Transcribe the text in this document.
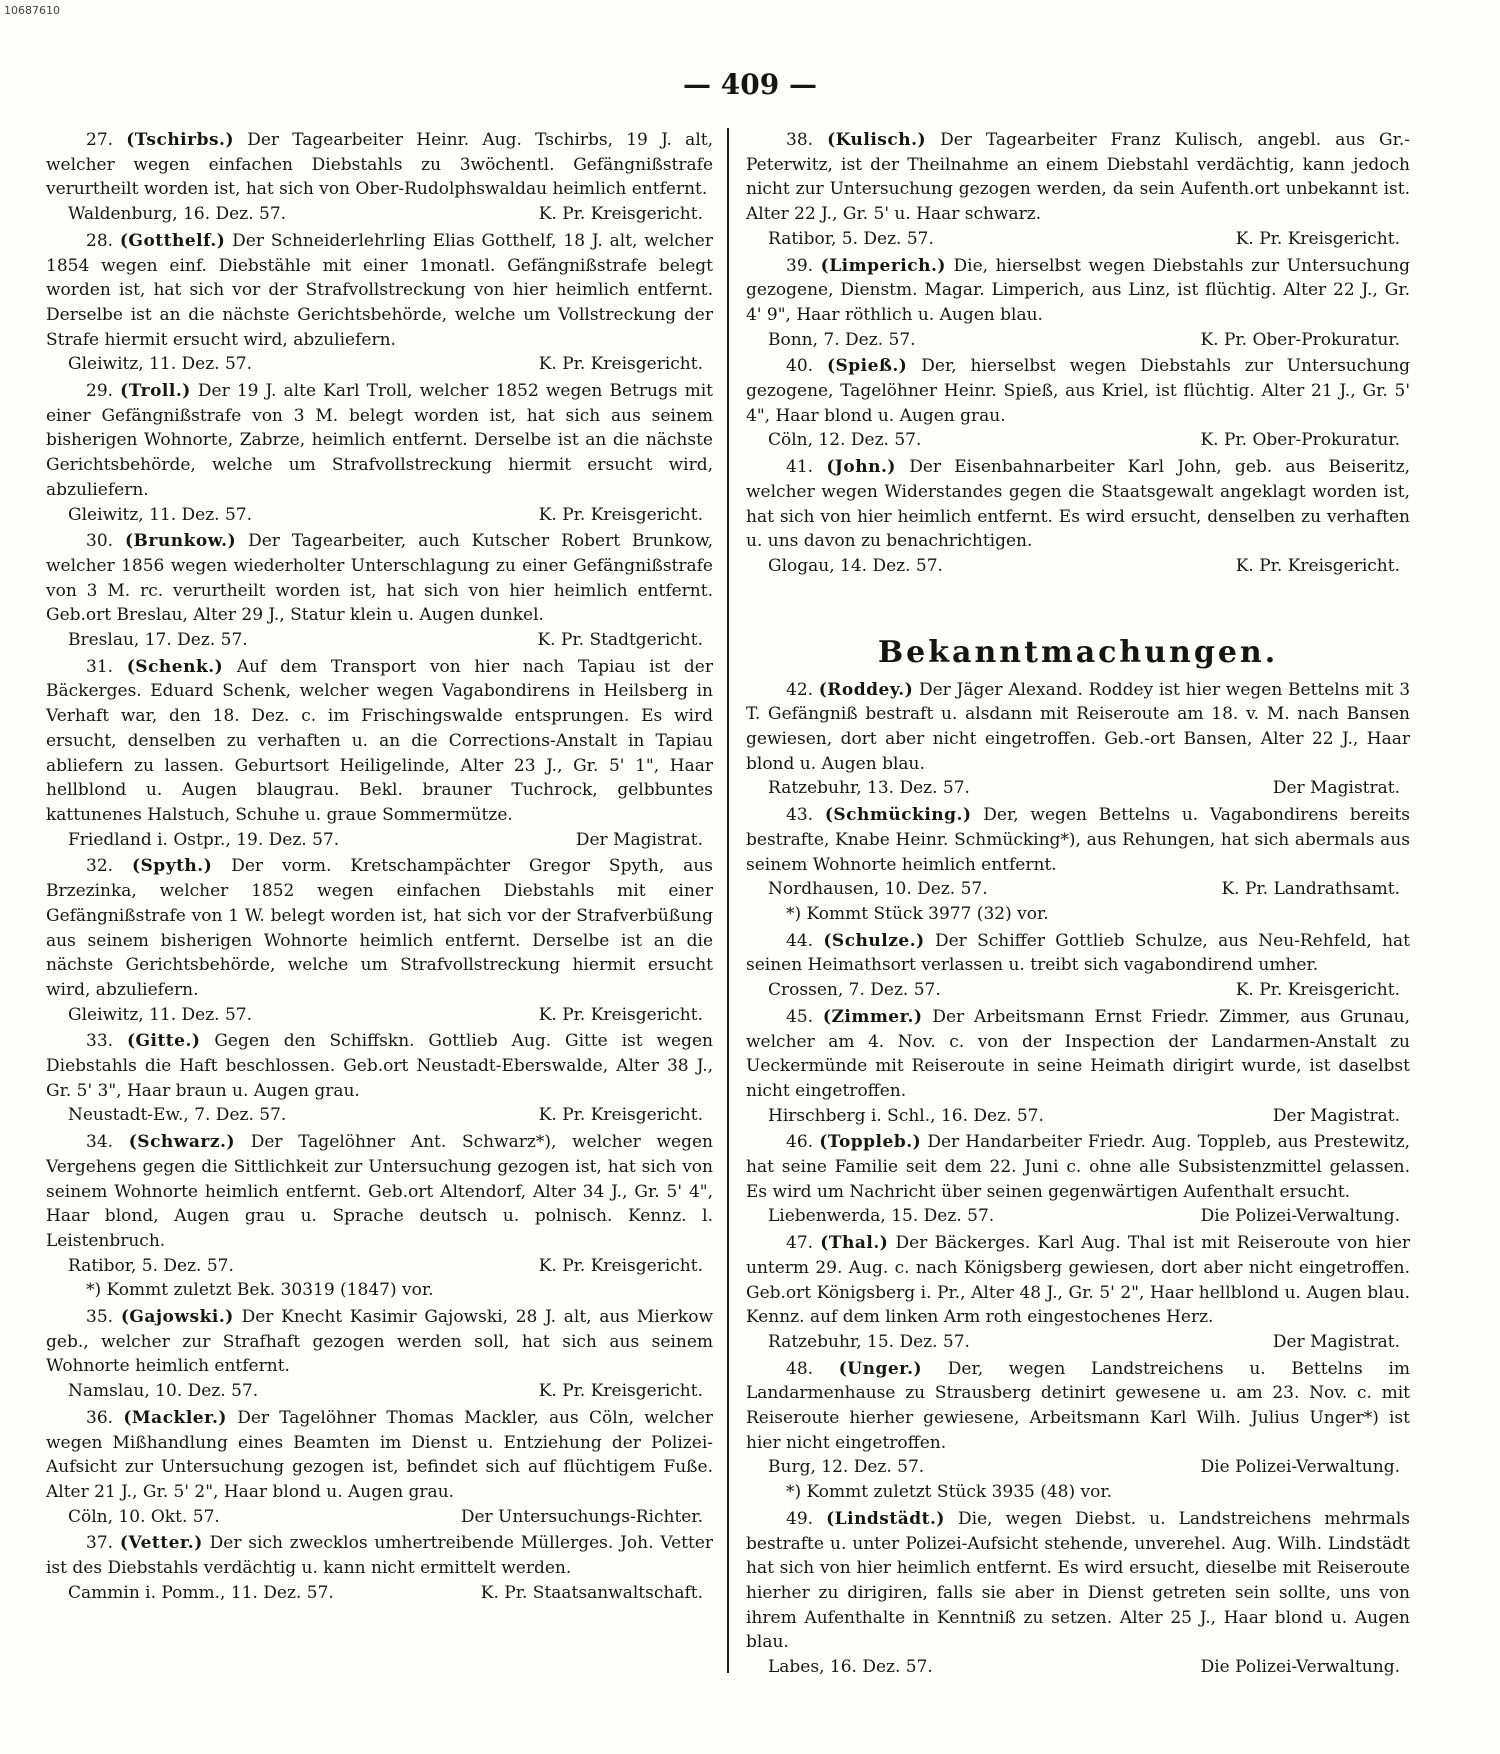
10687610
— 409 —

27. (Tschirbs.) Der Tagearbeiter Heinr. Aug. Tschirbs, 19 J. alt, welcher wegen einfachen Diebstahls zu 3wöchentl. Gefängnißstrafe verurtheilt worden ist, hat sich von Ober-Rudolphswaldau heimlich entfernt.

Waldenburg, 16. Dez. 57.	K. Pr. Kreisgericht.

28. (Gotthelf.) Der Schneiderlehrling Elias Gotthelf, 18 J. alt, welcher 1854 wegen einf. Diebstähle mit einer 1monatl. Gefängnißstrafe belegt worden ist, hat sich vor der Strafvollstreckung von hier heimlich entfernt. Derselbe ist an die nächste Gerichtsbehörde, welche um Vollstreckung der Strafe hiermit ersucht wird, abzuliefern.

Gleiwitz, 11. Dez. 57.	K. Pr. Kreisgericht.

29. (Troll.) Der 19 J. alte Karl Troll, welcher 1852 wegen Betrugs mit einer Gefängnißstrafe von 3 M. belegt worden ist, hat sich aus seinem bisherigen Wohnorte, Zabrze, heimlich entfernt. Derselbe ist an die nächste Gerichtsbehörde, welche um Strafvollstreckung hiermit ersucht wird, abzuliefern.

Gleiwitz, 11. Dez. 57.	K. Pr. Kreisgericht.

30. (Brunkow.) Der Tagearbeiter, auch Kutscher Robert Brunkow, welcher 1856 wegen wiederholter Unterschlagung zu einer Gefängnißstrafe von 3 M. rc. verurtheilt worden ist, hat sich von hier heimlich entfernt. Geb.ort Breslau, Alter 29 J., Statur klein u. Augen dunkel.

Breslau, 17. Dez. 57.	K. Pr. Stadtgericht.

31. (Schenk.) Auf dem Transport von hier nach Tapiau ist der Bäckerges. Eduard Schenk, welcher wegen Vagabondirens in Heilsberg in Verhaft war, den 18. Dez. c. im Frischingswalde entsprungen. Es wird ersucht, denselben zu verhaften u. an die Corrections-Anstalt in Tapiau abliefern zu lassen. Geburtsort Heiligelinde, Alter 23 J., Gr. 5' 1", Haar hellblond u. Augen blaugrau. Bekl. brauner Tuchrock, gelbbuntes kattunenes Halstuch, Schuhe u. graue Sommermütze.

Friedland i. Ostpr., 19. Dez. 57.	Der Magistrat.

32. (Spyth.) Der vorm. Kretschampächter Gregor Spyth, aus Brzezinka, welcher 1852 wegen einfachen Diebstahls mit einer Gefängnißstrafe von 1 W. belegt worden ist, hat sich vor der Strafverbüßung aus seinem bisherigen Wohnorte heimlich entfernt. Derselbe ist an die nächste Gerichtsbehörde, welche um Strafvollstreckung hiermit ersucht wird, abzuliefern.

Gleiwitz, 11. Dez. 57.	K. Pr. Kreisgericht.

33. (Gitte.) Gegen den Schiffskn. Gottlieb Aug. Gitte ist wegen Diebstahls die Haft beschlossen. Geb.ort Neustadt-Eberswalde, Alter 38 J., Gr. 5' 3", Haar braun u. Augen grau.

Neustadt-Ew., 7. Dez. 57.	K. Pr. Kreisgericht.

34. (Schwarz.) Der Tagelöhner Ant. Schwarz*), welcher wegen Vergehens gegen die Sittlichkeit zur Untersuchung gezogen ist, hat sich von seinem Wohnorte heimlich entfernt. Geb.ort Altendorf, Alter 34 J., Gr. 5' 4", Haar blond, Augen grau u. Sprache deutsch u. polnisch. Kennz. l. Leistenbruch.

Ratibor, 5. Dez. 57.	K. Pr. Kreisgericht.
*) Kommt zuletzt Bek. 30319 (1847) vor.

35. (Gajowski.) Der Knecht Kasimir Gajowski, 28 J. alt, aus Mierkow geb., welcher zur Strafhaft gezogen werden soll, hat sich aus seinem Wohnorte heimlich entfernt.

Namslau, 10. Dez. 57.	K. Pr. Kreisgericht.

36. (Mackler.) Der Tagelöhner Thomas Mackler, aus Cöln, welcher wegen Mißhandlung eines Beamten im Dienst u. Entziehung der Polizei-Aufsicht zur Untersuchung gezogen ist, befindet sich auf flüchtigem Fuße. Alter 21 J., Gr. 5' 2", Haar blond u. Augen grau.

Cöln, 10. Okt. 57.	Der Untersuchungs-Richter.

37. (Vetter.) Der sich zwecklos umhertreibende Müllerges. Joh. Vetter ist des Diebstahls verdächtig u. kann nicht ermittelt werden.

Cammin i. Pomm., 11. Dez. 57.	K. Pr. Staatsanwaltschaft.

38. (Kulisch.) Der Tagearbeiter Franz Kulisch, angebl. aus Gr.-Peterwitz, ist der Theilnahme an einem Diebstahl verdächtig, kann jedoch nicht zur Untersuchung gezogen werden, da sein Aufenth.ort unbekannt ist. Alter 22 J., Gr. 5' u. Haar schwarz.

Ratibor, 5. Dez. 57.	K. Pr. Kreisgericht.

39. (Limperich.) Die, hierselbst wegen Diebstahls zur Untersuchung gezogene, Dienstm. Magar. Limperich, aus Linz, ist flüchtig. Alter 22 J., Gr. 4' 9", Haar röthlich u. Augen blau.

Bonn, 7. Dez. 57.	K. Pr. Ober-Prokuratur.

40. (Spieß.) Der, hierselbst wegen Diebstahls zur Untersuchung gezogene, Tagelöhner Heinr. Spieß, aus Kriel, ist flüchtig. Alter 21 J., Gr. 5' 4", Haar blond u. Augen grau.

Cöln, 12. Dez. 57.	K. Pr. Ober-Prokuratur.

41. (John.) Der Eisenbahnarbeiter Karl John, geb. aus Beiseritz, welcher wegen Widerstandes gegen die Staatsgewalt angeklagt worden ist, hat sich von hier heimlich entfernt. Es wird ersucht, denselben zu verhaften u. uns davon zu benachrichtigen.

Glogau, 14. Dez. 57.	K. Pr. Kreisgericht.
Bekanntmachungen.

42. (Roddey.) Der Jäger Alexand. Roddey ist hier wegen Bettelns mit 3 T. Gefängniß bestraft u. alsdann mit Reiseroute am 18. v. M. nach Bansen gewiesen, dort aber nicht eingetroffen. Geb.-ort Bansen, Alter 22 J., Haar blond u. Augen blau.

Ratzebuhr, 13. Dez. 57.	Der Magistrat.

43. (Schmücking.) Der, wegen Bettelns u. Vagabondirens bereits bestrafte, Knabe Heinr. Schmücking*), aus Rehungen, hat sich abermals aus seinem Wohnorte heimlich entfernt.

Nordhausen, 10. Dez. 57.	K. Pr. Landrathsamt.
*) Kommt Stück 3977 (32) vor.

44. (Schulze.) Der Schiffer Gottlieb Schulze, aus Neu-Rehfeld, hat seinen Heimathsort verlassen u. treibt sich vagabondirend umher.

Crossen, 7. Dez. 57.	K. Pr. Kreisgericht.

45. (Zimmer.) Der Arbeitsmann Ernst Friedr. Zimmer, aus Grunau, welcher am 4. Nov. c. von der Inspection der Landarmen-Anstalt zu Ueckermünde mit Reiseroute in seine Heimath dirigirt wurde, ist daselbst nicht eingetroffen.

Hirschberg i. Schl., 16. Dez. 57.	Der Magistrat.

46. (Toppleb.) Der Handarbeiter Friedr. Aug. Toppleb, aus Prestewitz, hat seine Familie seit dem 22. Juni c. ohne alle Subsistenzmittel gelassen. Es wird um Nachricht über seinen gegenwärtigen Aufenthalt ersucht.

Liebenwerda, 15. Dez. 57.	Die Polizei-Verwaltung.

47. (Thal.) Der Bäckerges. Karl Aug. Thal ist mit Reiseroute von hier unterm 29. Aug. c. nach Königsberg gewiesen, dort aber nicht eingetroffen. Geb.ort Königsberg i. Pr., Alter 48 J., Gr. 5' 2", Haar hellblond u. Augen blau. Kennz. auf dem linken Arm roth eingestochenes Herz.

Ratzebuhr, 15. Dez. 57.	Der Magistrat.

48. (Unger.) Der, wegen Landstreichens u. Bettelns im Landarmenhause zu Strausberg detinirt gewesene u. am 23. Nov. c. mit Reiseroute hierher gewiesene, Arbeitsmann Karl Wilh. Julius Unger*) ist hier nicht eingetroffen.

Burg, 12. Dez. 57.	Die Polizei-Verwaltung.
*) Kommt zuletzt Stück 3935 (48) vor.

49. (Lindstädt.) Die, wegen Diebst. u. Landstreichens mehrmals bestrafte u. unter Polizei-Aufsicht stehende, unverehel. Aug. Wilh. Lindstädt hat sich von hier heimlich entfernt. Es wird ersucht, dieselbe mit Reiseroute hierher zu dirigiren, falls sie aber in Dienst getreten sein sollte, uns von ihrem Aufenthalte in Kenntniß zu setzen. Alter 25 J., Haar blond u. Augen blau.

Labes, 16. Dez. 57.	Die Polizei-Verwaltung.
